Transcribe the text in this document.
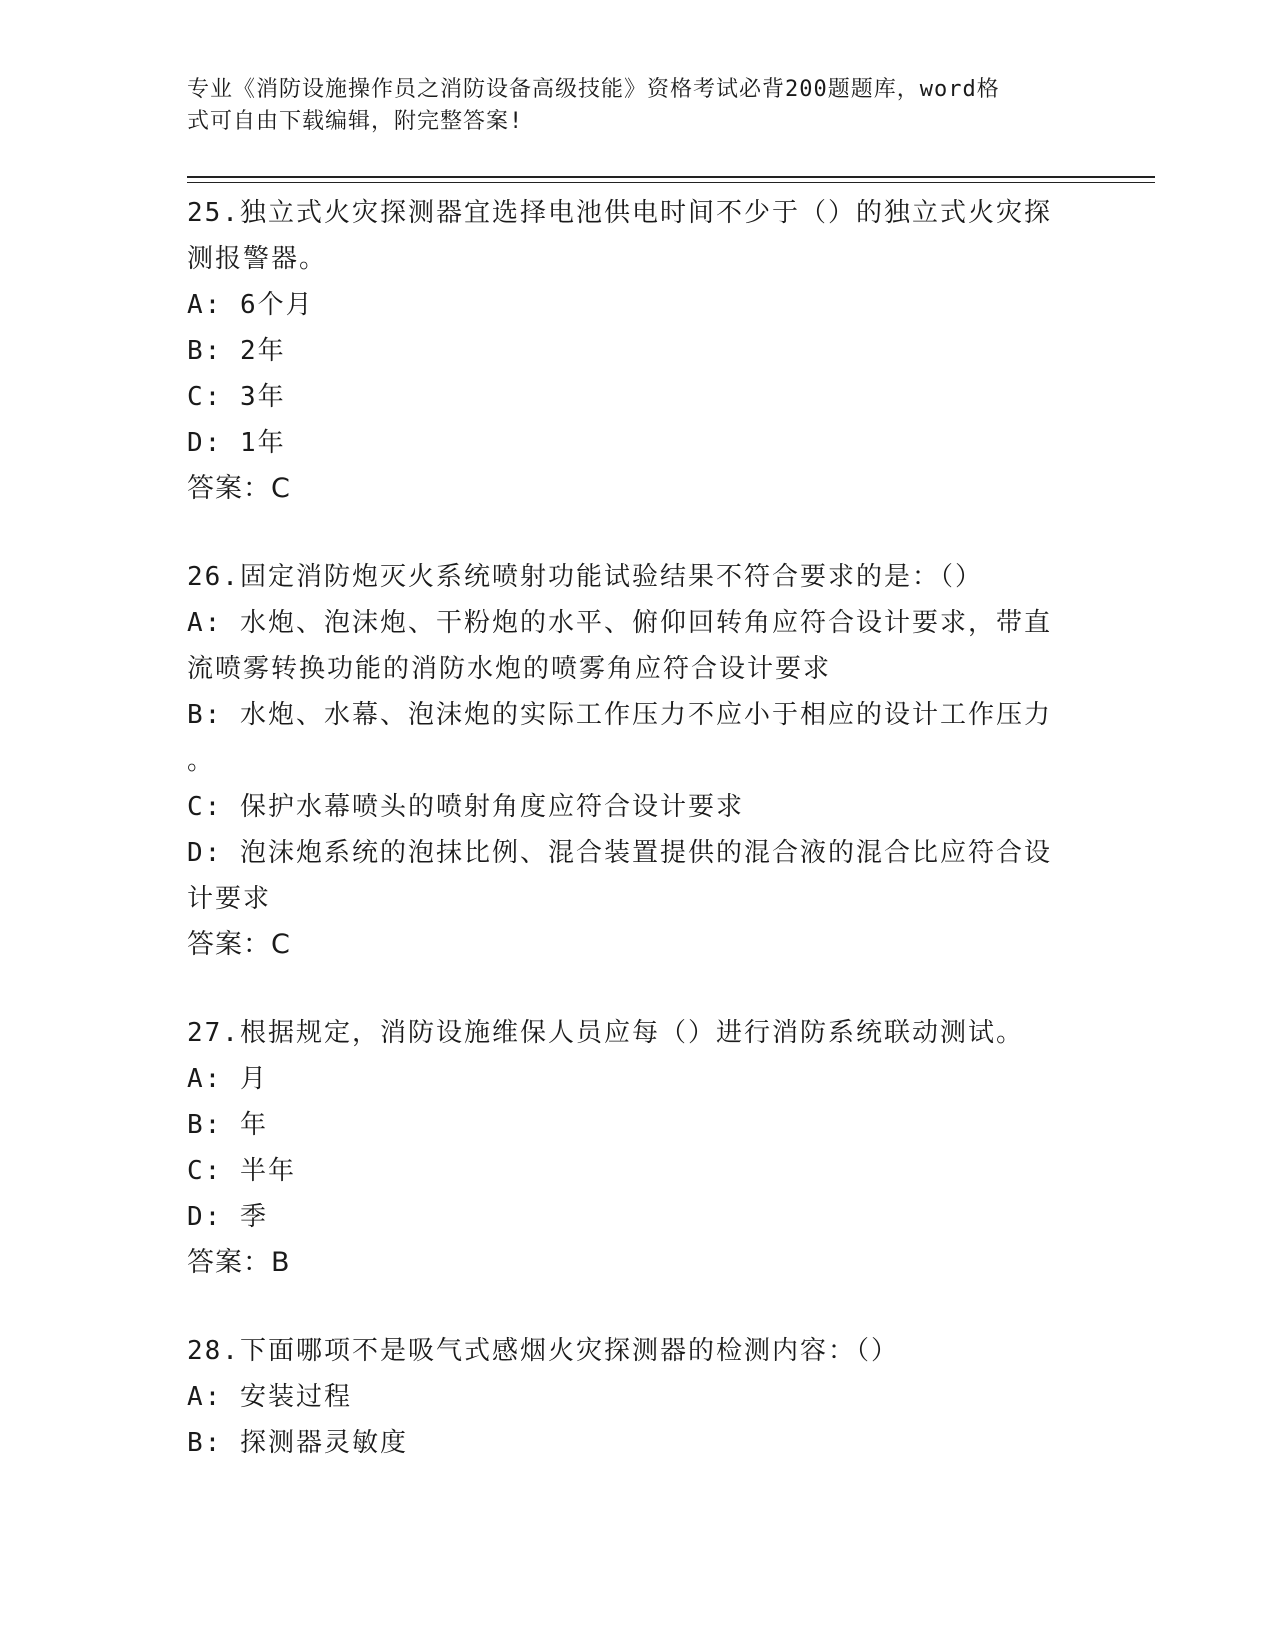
专业《消防设施操作员之消防设备高级技能》资格考试必背200题题库，word格
式可自由下载编辑，附完整答案!
25.独立式火灾探测器宜选择电池供电时间不少于（）的独立式火灾探
测报警器。
A: 6个月
B: 2年
C: 3年
D: 1年
答案：C
26.固定消防炮灭火系统喷射功能试验结果不符合要求的是：（）
A: 水炮、泡沫炮、干粉炮的水平、俯仰回转角应符合设计要求，带直
流喷雾转换功能的消防水炮的喷雾角应符合设计要求
B: 水炮、水幕、泡沫炮的实际工作压力不应小于相应的设计工作压力
。
C: 保护水幕喷头的喷射角度应符合设计要求
D: 泡沫炮系统的泡抹比例、混合装置提供的混合液的混合比应符合设
计要求
答案：C
27.根据规定，消防设施维保人员应每（）进行消防系统联动测试。
A: 月
B: 年
C: 半年
D: 季
答案：B
28.下面哪项不是吸气式感烟火灾探测器的检测内容：（）
A: 安装过程
B: 探测器灵敏度
